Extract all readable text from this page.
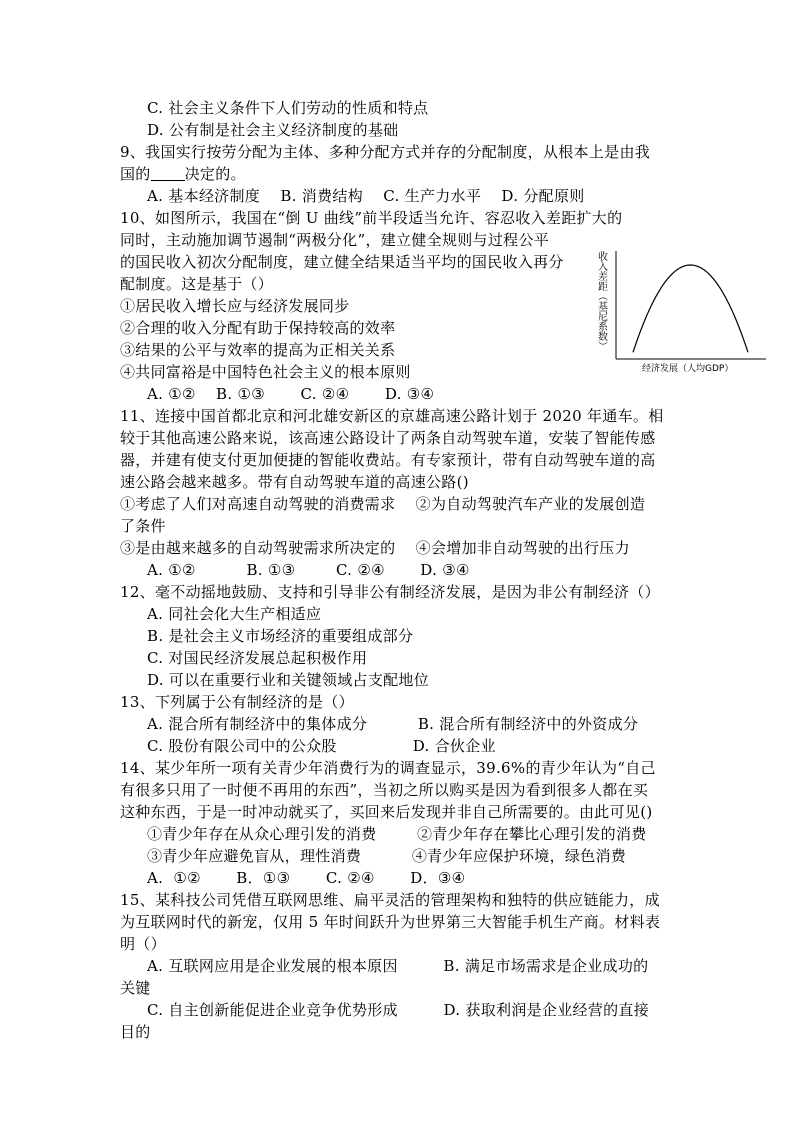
C. 社会主义条件下人们劳动的性质和特点
D. 公有制是社会主义经济制度的基础
9、我国实行按劳分配为主体、多种分配方式并存的分配制度，从根本上是由我
国的 决定的。
A. 基本经济制度    B. 消费结构    C. 生产力水平    D. 分配原则
10、如图所示，我国在“倒 U 曲线”前半段适当允许、容忍收入差距扩大的
同时，主动施加调节遏制“两极分化”，建立健全规则与过程公平
的国民收入初次分配制度，建立健全结果适当平均的国民收入再分
配制度。这是基于（）
①居民收入增长应与经济发展同步
②合理的收入分配有助于保持较高的效率
③结果的公平与效率的提高为正相关关系
④共同富裕是中国特色社会主义的根本原则
A. ①②    B. ①③       C. ②④       D. ③④
收入差距（基尼系数）
经济发展（人均GDP）
11、连接中国首都北京和河北雄安新区的京雄高速公路计划于 2020 年通车。相
较于其他高速公路来说，该高速公路设计了两条自动驾驶车道，安装了智能传感
器，并建有使支付更加便捷的智能收费站。有专家预计，带有自动驾驶车道的高
速公路会越来越多。带有自动驾驶车道的高速公路()
①考虑了人们对高速自动驾驶的消费需求    ②为自动驾驶汽车产业的发展创造
了条件
③是由越来越多的自动驾驶需求所决定的    ④会增加非自动驾驶的出行压力
A. ①②          B. ①③        C. ②④       D. ③④
12、毫不动摇地鼓励、支持和引导非公有制经济发展，是因为非公有制经济（）
A. 同社会化大生产相适应
B. 是社会主义市场经济的重要组成部分
C. 对国民经济发展总起积极作用
D. 可以在重要行业和关键领域占支配地位
13、下列属于公有制经济的是（）
A. 混合所有制经济中的集体成分          B. 混合所有制经济中的外资成分
C. 股份有限公司中的公众股               D. 合伙企业
14、某少年所一项有关青少年消费行为的调查显示，39.6%的青少年认为“自己
有很多只用了一时便不再用的东西”，当初之所以购买是因为看到很多人都在买
这种东西，于是一时冲动就买了，买回来后发现并非自己所需要的。由此可见()
①青少年存在从众心理引发的消费        ②青少年存在攀比心理引发的消费
③青少年应避免盲从，理性消费          ④青少年应保护环境，绿色消费
A.  ①②       B．①③       C. ②④       D．③④
15、某科技公司凭借互联网思维、扁平灵活的管理架构和独特的供应链能力，成
为互联网时代的新宠，仅用 5 年时间跃升为世界第三大智能手机生产商。材料表
明（）
A. 互联网应用是企业发展的根本原因         B. 满足市场需求是企业成功的
关键
C. 自主创新能促进企业竞争优势形成         D. 获取利润是企业经营的直接
目的
